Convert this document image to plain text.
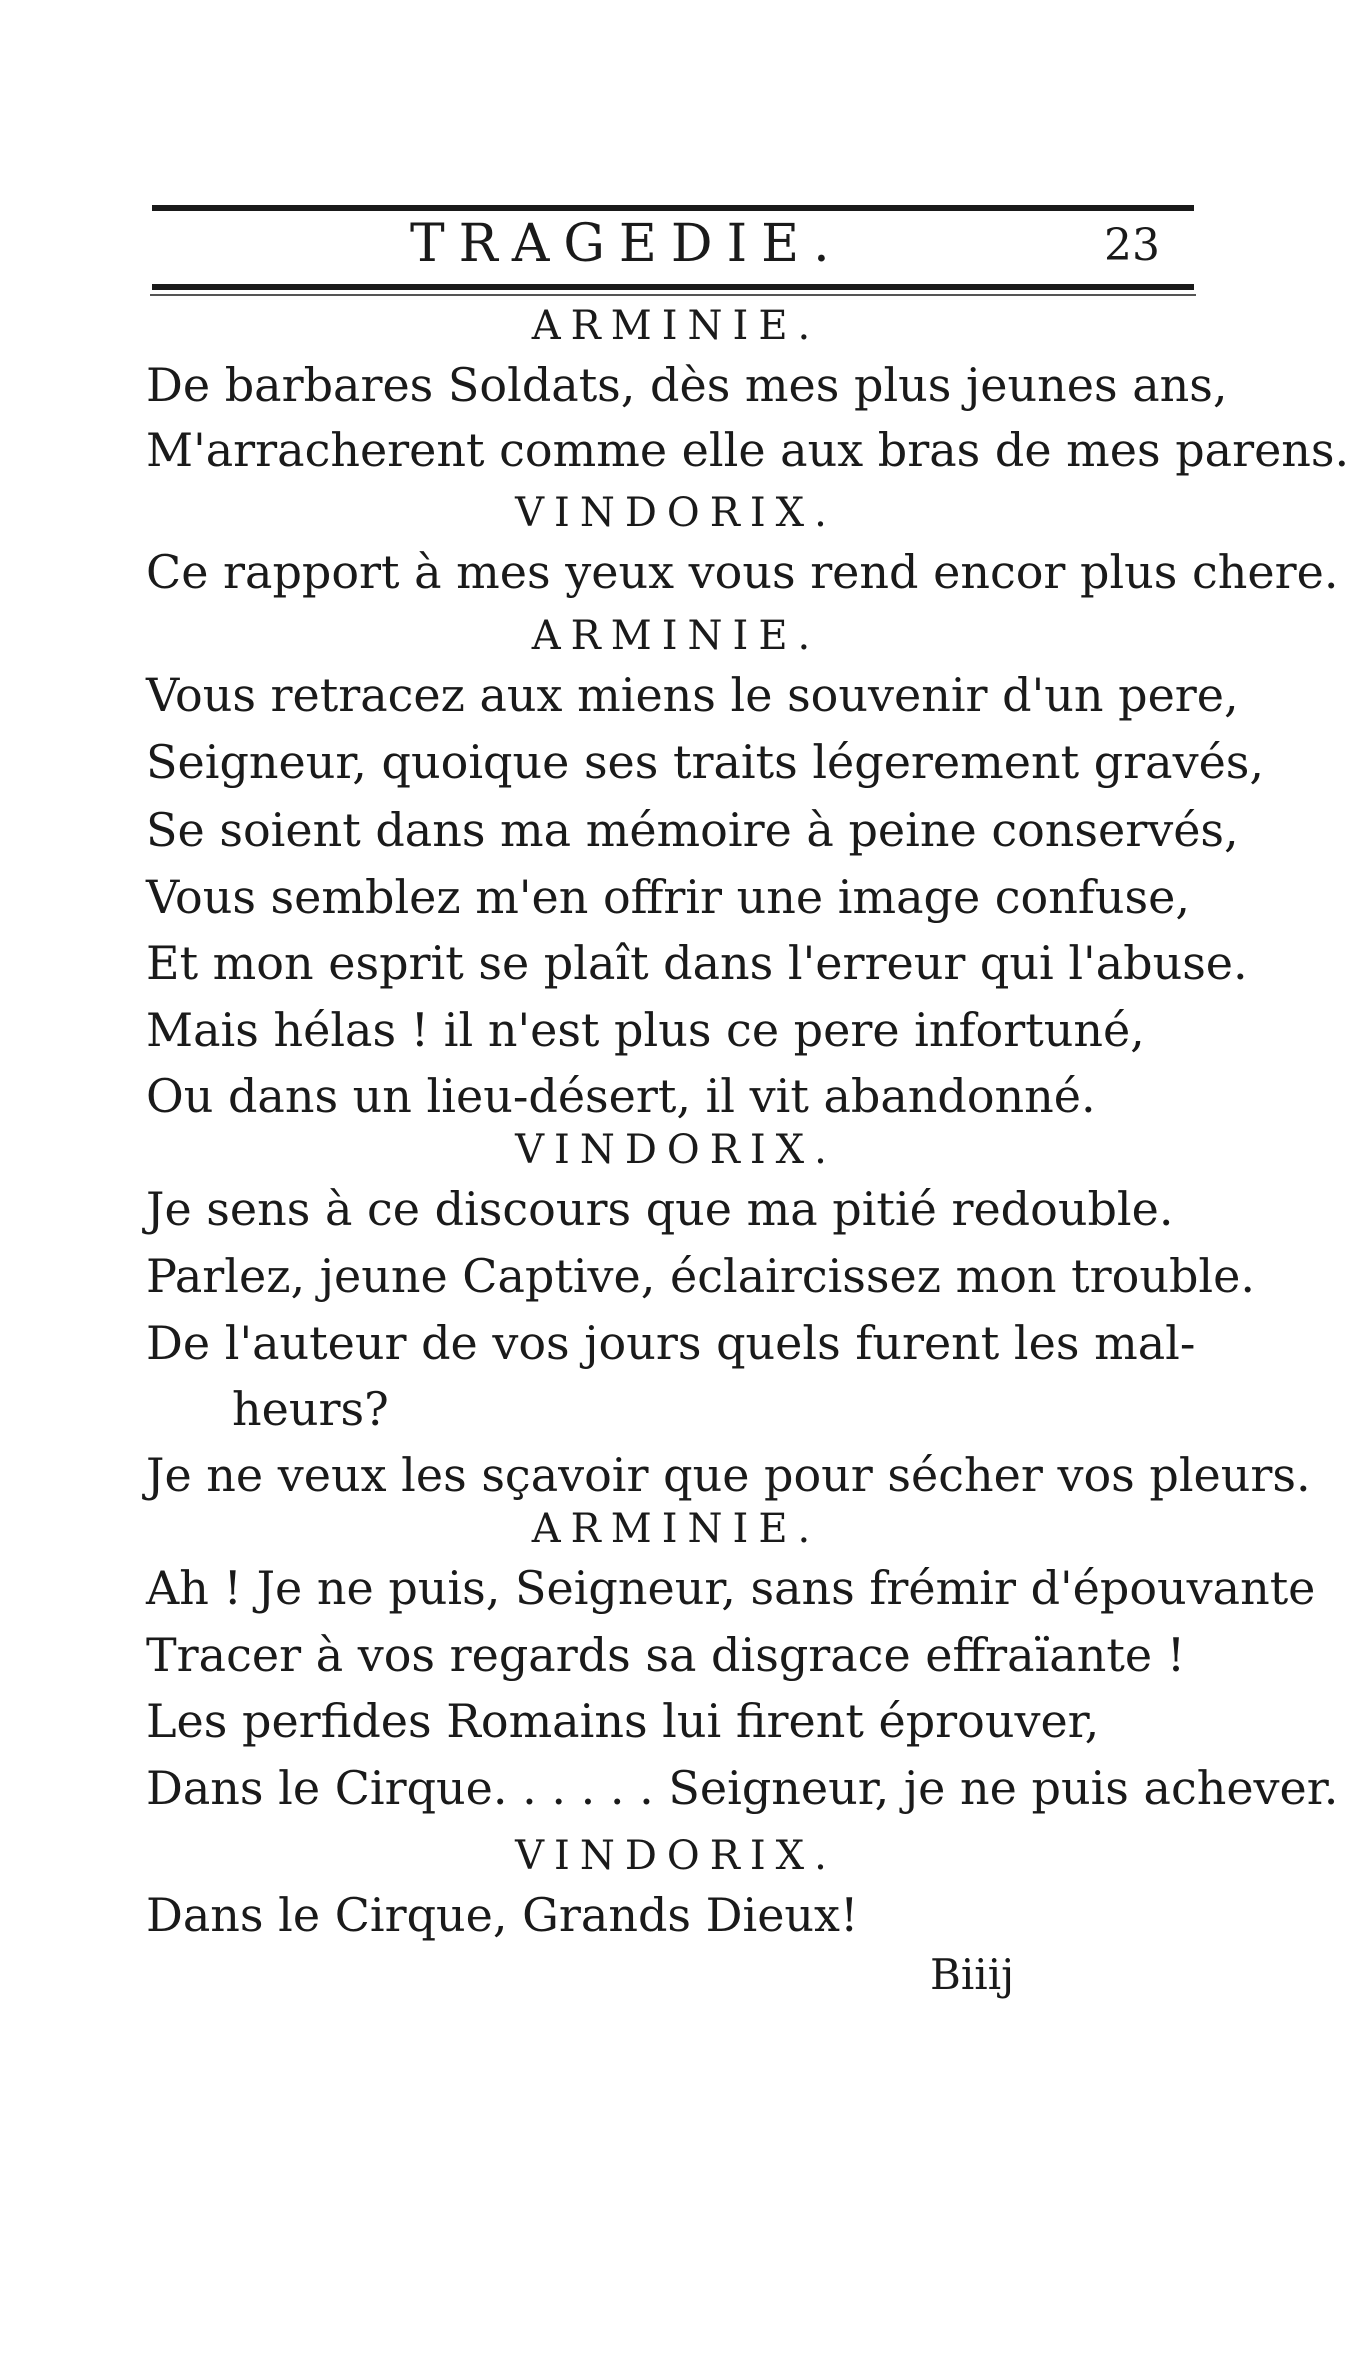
TRAGEDIE.	23
ARMINIE.
De barbares Soldats, dès mes plus jeunes ans,
M'arracherent comme elle aux bras de mes parens.
VINDORIX.
Ce rapport à mes yeux vous rend encor plus chere.
ARMINIE.
Vous retracez aux miens le souvenir d'un pere,
Seigneur, quoique ses traits légerement gravés,
Se soient dans ma mémoire à peine conservés,
Vous semblez m'en offrir une image confuse,
Et mon esprit se plaît dans l'erreur qui l'abuse.
Mais hélas ! il n'est plus ce pere infortuné,
Ou dans un lieu-désert, il vit abandonné.
VINDORIX.
Je sens à ce discours que ma pitié redouble.
Parlez, jeune Captive, éclaircissez mon trouble.
De l'auteur de vos jours quels furent les mal-
heurs?
Je ne veux les sçavoir que pour sécher vos pleurs.
ARMINIE.
Ah ! Je ne puis, Seigneur, sans frémir d'épouvante
Tracer à vos regards sa disgrace effraïante !
Les perfides Romains lui firent éprouver,
Dans le Cirque. . . . . . Seigneur, je ne puis achever.
VINDORIX.
Dans le Cirque, Grands Dieux!
Biiij
